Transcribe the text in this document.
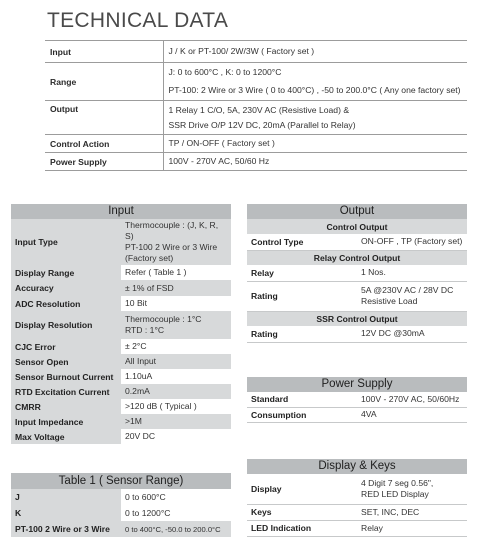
TECHNICAL DATA
Input	J / K or PT-100/ 2W/3W ( Factory set )

Range	J: 0 to 600°C , K: 0 to 1200°C
PT-100: 2 Wire or 3 Wire ( 0 to 400°C) , -50 to 200.0°C ( Any one factory set)

Output	1 Relay 1 C/O, 5A, 230V AC (Resistive Load) &
SSR Drive O/P 12V DC, 20mA (Parallel to Relay)

Control Action	TP / ON-OFF ( Factory set )

Power Supply	100V - 270V AC, 50/60 Hz
Input
Input Type	Thermocouple : (J, K, R, S)
PT-100 2 Wire or 3 Wire
(Factory set)
Display Range	Refer ( Table 1 )
Accuracy	± 1% of FSD
ADC Resolution	10 Bit
Display Resolution	Thermocouple : 1°C
RTD : 1°C
CJC Error	± 2°C
Sensor Open	All Input
Sensor Burnout Current	1.10uA
RTD Excitation Current	0.2mA
CMRR	>120 dB ( Typical )
Input Impedance	>1M
Max Voltage	20V DC
Table 1 ( Sensor Range)
J	0 to 600°C
K	0 to 1200°C
PT-100 2 Wire or 3 Wire	0 to 400°C, -50.0 to 200.0°C
Output
Control Output	
Control Type	ON-OFF , TP (Factory set)
Relay Control Output	
Relay	1 Nos.
Rating	5A @230V AC / 28V DC
Resistive Load
SSR Control Output	
Rating	12V DC @30mA
Power Supply
Standard	100V - 270V AC, 50/60Hz
Consumption	4VA
Display & Keys
Display	4 Digit 7 seg 0.56",
RED LED Display
Keys	SET, INC, DEC
LED Indication	Relay
